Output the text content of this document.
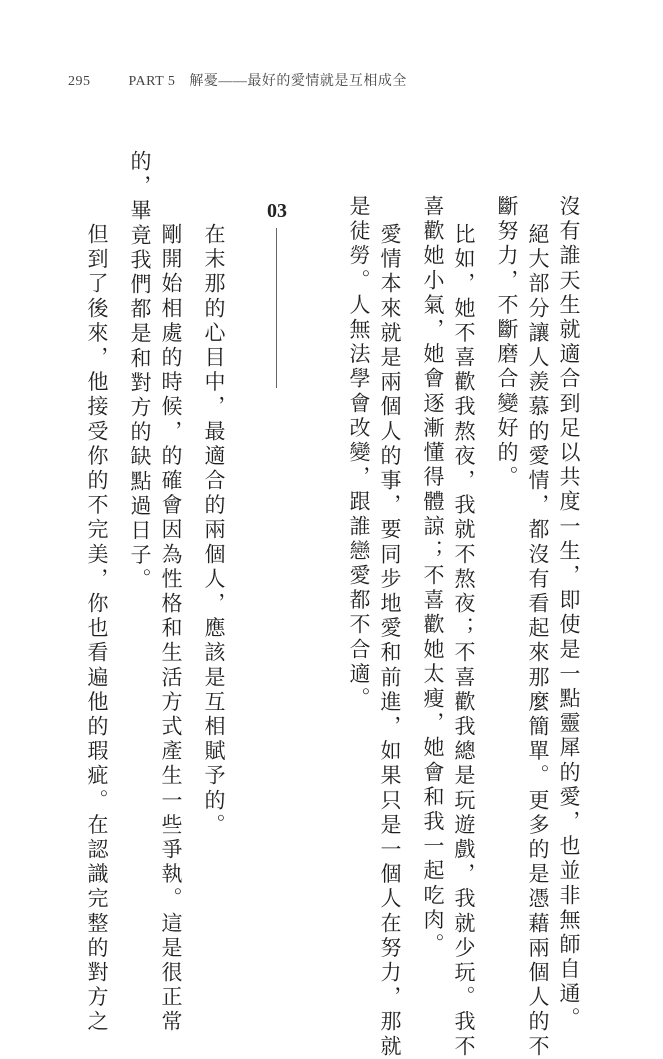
295	PART 5 解憂——最好的愛情就是互相成全
沒有誰天生就適合到足以共度一生，即使是一點靈犀的愛，也並非無師自通。
絕大部分讓人羨慕的愛情，都沒有看起來那麼簡單。更多的是憑藉兩個人的不
斷努力，不斷磨合變好的。
比如，她不喜歡我熬夜，我就不熬夜；不喜歡我總是玩遊戲，我就少玩。我不
喜歡她小氣，她會逐漸懂得體諒；不喜歡她太瘦，她會和我一起吃肉。
愛情本來就是兩個人的事，要同步地愛和前進，如果只是一個人在努力，那就
是徒勞。人無法學會改變，跟誰戀愛都不合適。
03
在末那的心目中，最適合的兩個人，應該是互相賦予的。
剛開始相處的時候，的確會因為性格和生活方式產生一些爭執。這是很正常
的，畢竟我們都是和對方的缺點過日子。
但到了後來，他接受你的不完美，你也看遍他的瑕疵。在認識完整的對方之
